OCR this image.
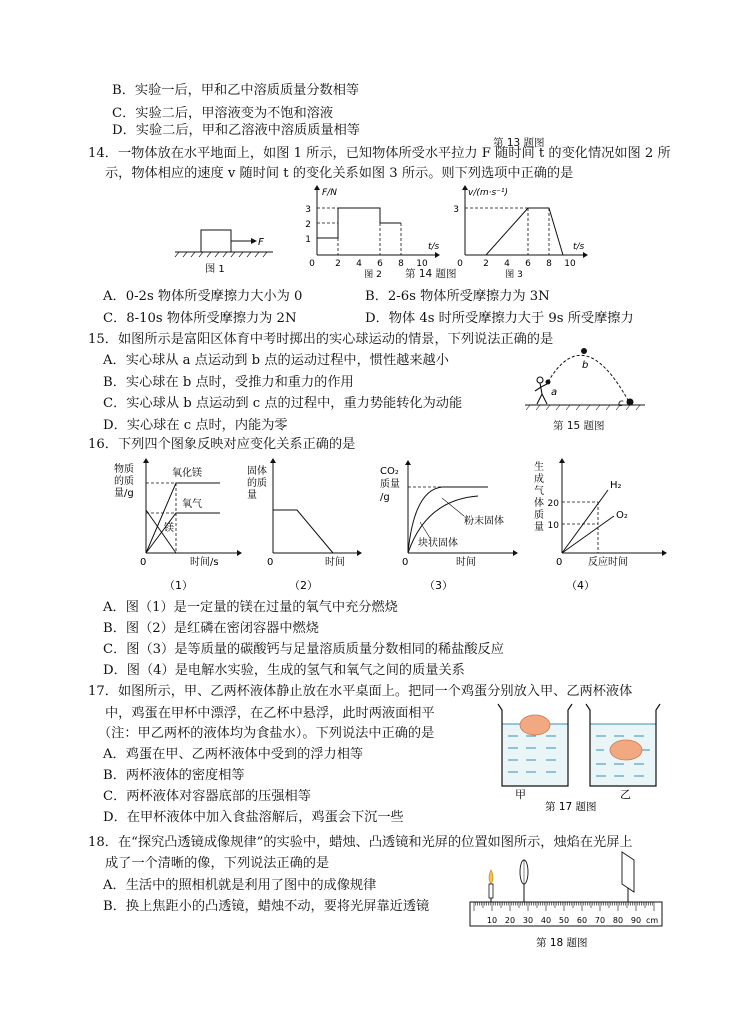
B．实验一后，甲和乙中溶质质量分数相等
C．实验二后，甲溶液变为不饱和溶液
D．实验二后，甲和乙溶液中溶质质量相等
第 13 题图
14．一物体放在水平地面上，如图 1 所示，已知物体所受水平拉力 F 随时间 t 的变化情况如图 2 所
示，物体相应的速度 v 随时间 t 的变化关系如图 3 所示。则下列选项中正确的是
F
图 1
F/N
t/s
0
1
2
3
2 4 6 8 10
图 2
v/(m·s⁻¹)
t/s
0
3
2 4 6 8 10
图 3
第 14 题图
A．0-2s 物体所受摩擦力大小为 0	B．2-6s 物体所受摩擦力为 3N
C．8-10s 物体所受摩擦力为 2N	D．物体 4s 时所受摩擦力大于 9s 所受摩擦力
15．如图所示是富阳区体育中考时掷出的实心球运动的情景，下列说法正确的是
A．实心球从 a 点运动到 b 点的运动过程中，惯性越来越小
B．实心球在 b 点时，受推力和重力的作用
C．实心球从 b 点运动到 c 点的过程中，重力势能转化为动能
D．实心球在 c 点时，内能为零
a
b
c
第 15 题图
16．下列四个图象反映对应变化关系正确的是
物质
的质
量/g
氧化镁
氧气
镁
0	时间/s
（1）
固体
的质
量
0	时间
（2）
CO₂
质量
/g
粉末固体
块状固体
0	时间
（3）
生
成
气
体
质
量
20
10
H₂
O₂
0	反应时间
（4）
A．图（1）是一定量的镁在过量的氧气中充分燃烧
B．图（2）是红磷在密闭容器中燃烧
C．图（3）是等质量的碳酸钙与足量溶质质量分数相同的稀盐酸反应
D．图（4）是电解水实验，生成的氢气和氧气之间的质量关系
17．如图所示，甲、乙两杯液体静止放在水平桌面上。把同一个鸡蛋分别放入甲、乙两杯液体
中，鸡蛋在甲杯中漂浮，在乙杯中悬浮，此时两液面相平
（注：甲乙两杯的液体均为食盐水）。下列说法中正确的是
A．鸡蛋在甲、乙两杯液体中受到的浮力相等
B．两杯液体的密度相等
C．两杯液体对容器底部的压强相等
D．在甲杯液体中加入食盐溶解后，鸡蛋会下沉一些
甲	乙
第 17 题图
18．在“探究凸透镜成像规律”的实验中，蜡烛、凸透镜和光屏的位置如图所示，烛焰在光屏上
成了一个清晰的像，下列说法正确的是
A．生活中的照相机就是利用了图中的成像规律
B．换上焦距小的凸透镜，蜡烛不动，要将光屏靠近透镜
10 20 30 40 50 60 70 80 90 cm
第 18 题图
